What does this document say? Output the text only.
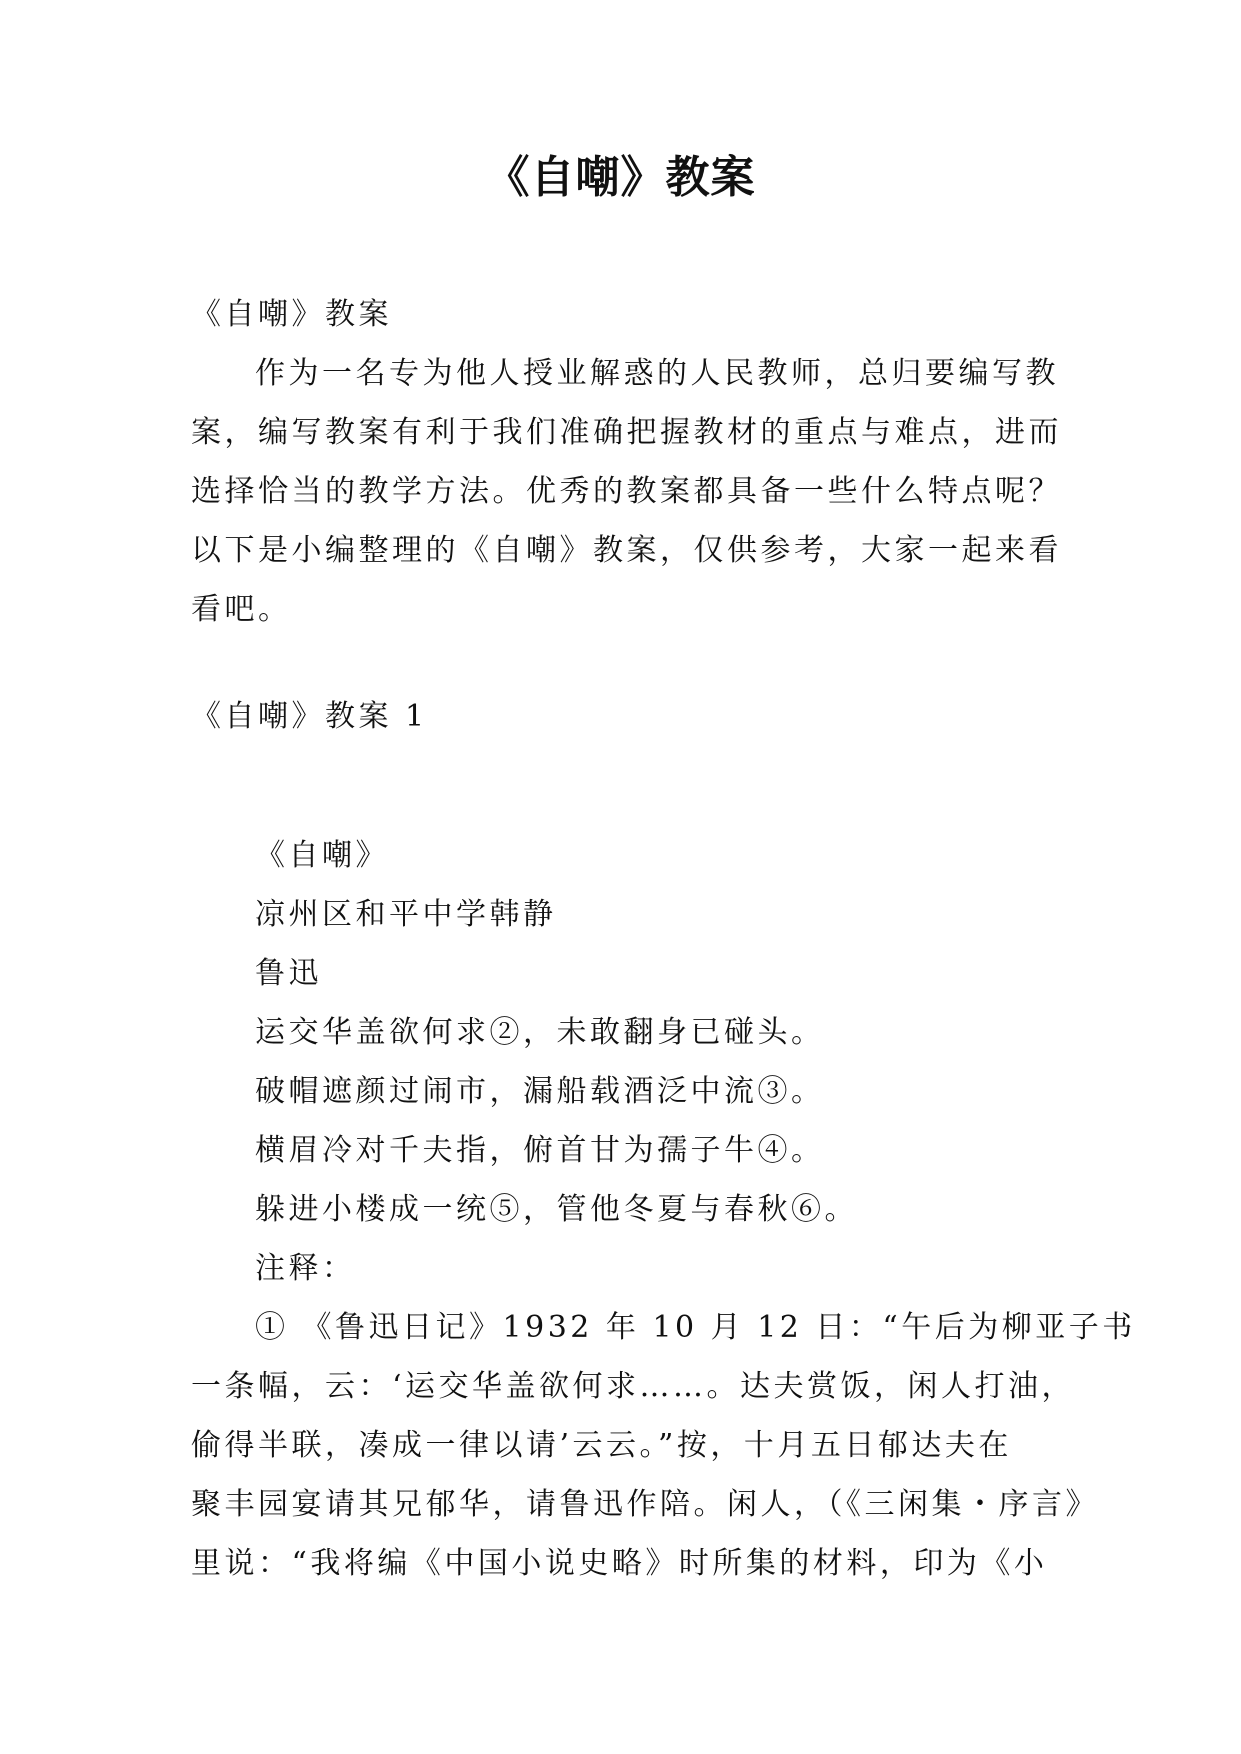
《自嘲》教案
《自嘲》教案
作为一名专为他人授业解惑的人民教师，总归要编写教
案，编写教案有利于我们准确把握教材的重点与难点，进而
选择恰当的教学方法。优秀的教案都具备一些什么特点呢？
以下是小编整理的《自嘲》教案，仅供参考，大家一起来看
看吧。
《自嘲》教案 1
《自嘲》
凉州区和平中学韩静
鲁迅
运交华盖欲何求②，未敢翻身已碰头。
破帽遮颜过闹市，漏船载酒泛中流③。
横眉冷对千夫指，俯首甘为孺子牛④。
躲进小楼成一统⑤，管他冬夏与春秋⑥。
注释：
① 《鲁迅日记》1932 年 10 月 12 日：“午后为柳亚子书
一条幅，云：‘运交华盖欲何求……。达夫赏饭，闲人打油，
偷得半联，凑成一律以请’云云。”按，十月五日郁达夫在
聚丰园宴请其兄郁华，请鲁迅作陪。闲人，（《三闲集・序言》
里说：“我将编《中国小说史略》时所集的材料，印为《小
